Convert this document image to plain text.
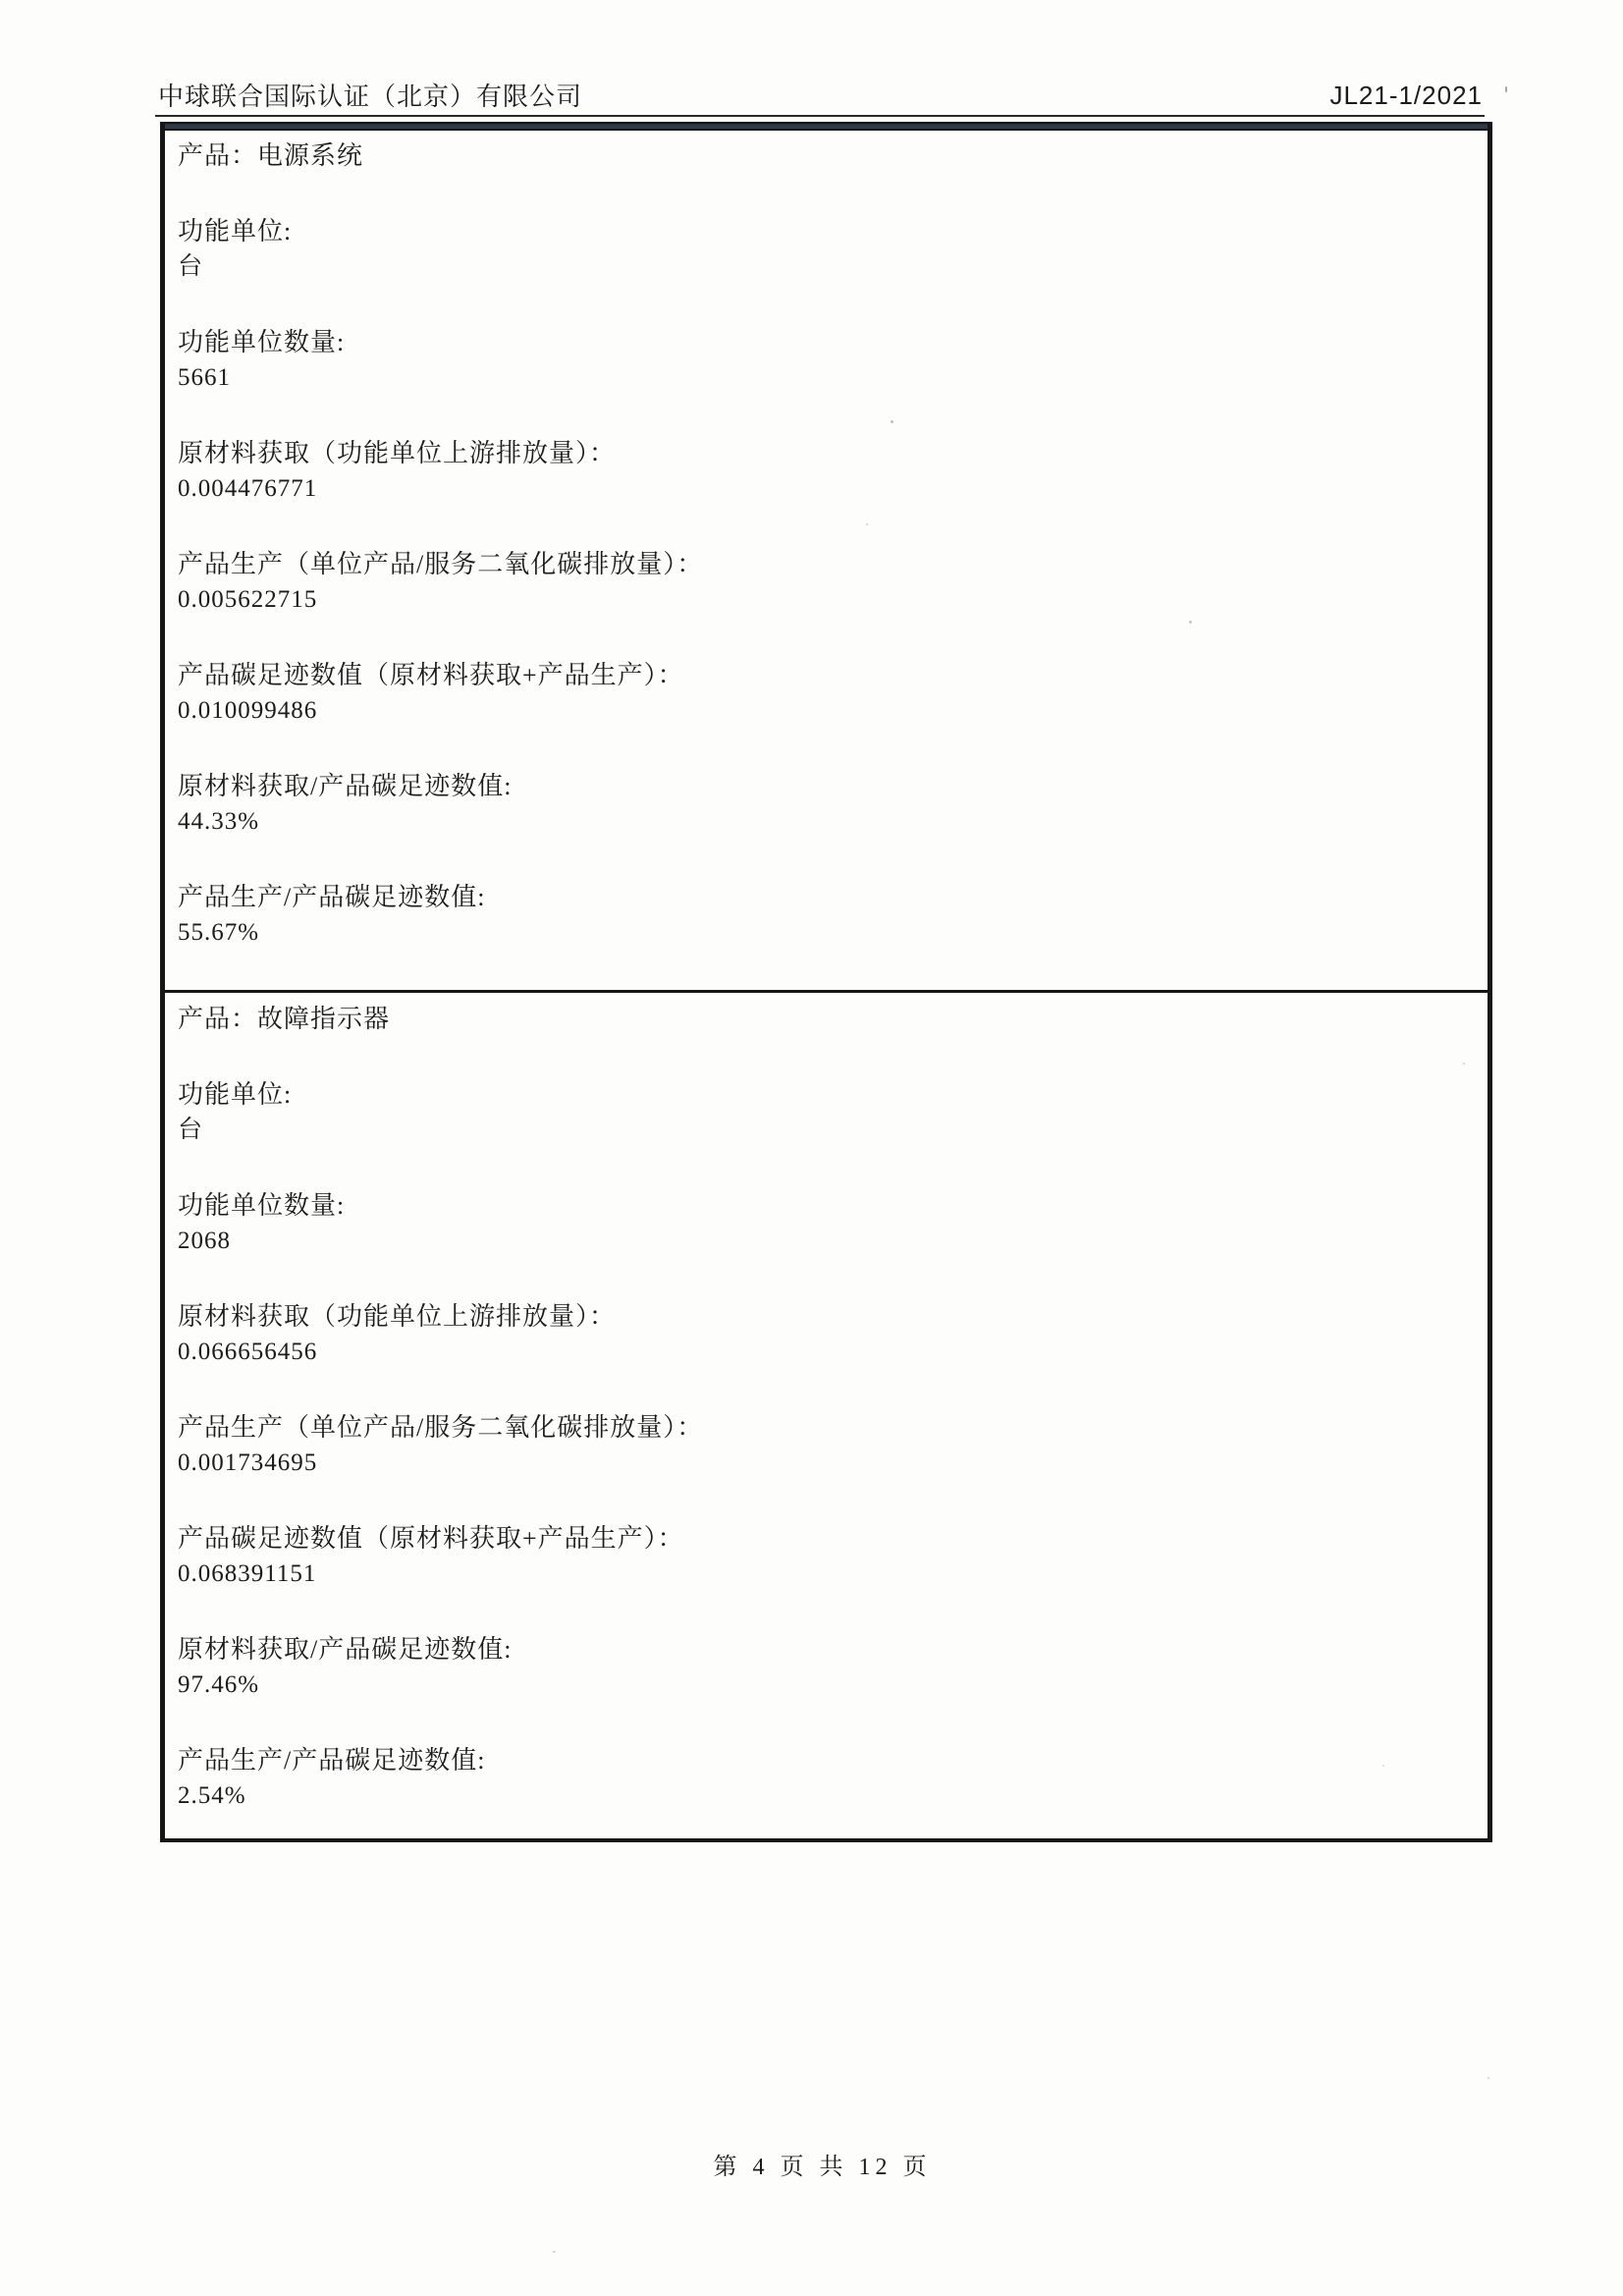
中球联合国际认证（北京）有限公司	JL21-1/2021
产品：电源系统
功能单位:
台
功能单位数量:
5661
原材料获取（功能单位上游排放量）：
0.004476771
产品生产（单位产品/服务二氧化碳排放量）：
0.005622715
产品碳足迹数值（原材料获取+产品生产）：
0.010099486
原材料获取/产品碳足迹数值:
44.33%
产品生产/产品碳足迹数值:
55.67%
产品：故障指示器
功能单位:
台
功能单位数量:
2068
原材料获取（功能单位上游排放量）：
0.066656456
产品生产（单位产品/服务二氧化碳排放量）：
0.001734695
产品碳足迹数值（原材料获取+产品生产）：
0.068391151
原材料获取/产品碳足迹数值:
97.46%
产品生产/产品碳足迹数值:
2.54%
第 4 页 共 12 页
